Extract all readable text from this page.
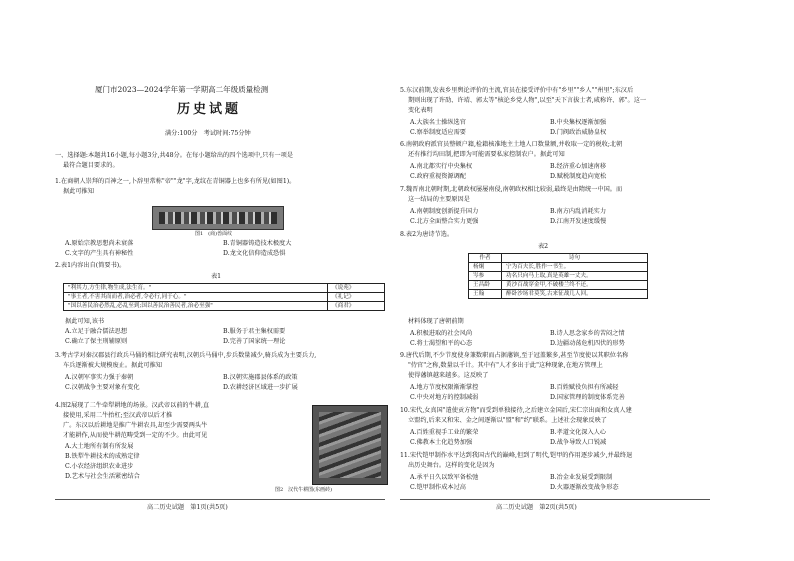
厦门市2023—2024学年第一学期高二年级质量检测
历史试题
满分:100分　考试时间:75分钟
一、选择题:本题共16小题,每小题3分,共48分。在每小题给出的四个选项中,只有一项是
最符合题目要求的。
1.在商朝人崇拜的百神之一,卜辞里常称"帝""龙"字,龙纹在青铜器上也多有所见(如图1)。
据此可推知
图1　(商)兽面纹
A.原始宗教思想尚未衰落	B.青铜器铸造技术极度大
C.文字的产生具有神秘性	D.龙文化信仰造成恐惧
2.表1内容出自(简要书)。
表1
"利其力,方生律,物生成,法生育。"	《说苑》
"事王者,不害其而而者,治必者,令必行,同于心。"	《礼记》
"国以善民治必然乱,必乱至到;国以善民治善民者,治必至强"	《商君》
据此可知,该书
A.立足于融合儒法思想	B.服务于君主集权需要
C.确立了保主刑辅原则	D.完善了国家统一理论
3.考古学对秦汉郡县行政兵马俑的相比研究表明,汉朝兵马俑中,步兵数量减少,骑兵成为主要兵力,
车兵逐渐被大规模废止。据此可推知
A.汉朝军事实力强于秦朝	B.汉朝实施郡县体系的政策
C.汉朝战争主要对象有变化	D.农耕经济区域进一步扩展
4.图2展现了二牛牵犁耕地的场景。汉武帝以前的牛耕,直
接使用,采用二牛抬杠;至汉武帝以后才推
广。东汉以后耕地是推广牛耕农具,却至少需要两头牛
才能耕作,从而使牛耕范畴受到一定的不少。由此可见
A.大土地所有制有所发展
B.铁犁牛耕技术的成熟定律
C.小农经济组织农业进步
D.艺术与社会生活紧密结合
图2　汉代牛耕图(东画砖)
高二历史试题　第1页(共5页)
5.东汉前期,发表乡里舆论评价的主流,官员在接受评价中有"乡里""乡人""州里";东汉后
期则出现了许劭、许靖、郭太等"核论乡党人物",以至"天下言拔士者,咸称许、郭"。这一
变化表明
A.大族名士操纵选官	B.中央集权逐渐加强
C.察举制度适应需要	D.门阀政治威胁皇权
6.南朝政府派官员整顿户籍,检籍核准地主土地人口数量额,并收取一定的税收;北朝
还有推行均田制,把即为可能需要私家控制农户。据此可知
A.南北都实行中央集权	B.经济重心加速南移
C.政府重视资源调配	D.赋税制度趋向宽松
7.魏晋南北朝时期,北朝政权屡屡南侵,南朝政权相比较弱,最终是由隋统一中国。而
这一结局的主要原因是
A.南朝制度创新提升国力	B.南方内乱消耗实力
C.北方全面整合实力更强	D.江南开发速度缓慢
8.表2为唐诗节选。
表2
作者	诗句
杨炯	宁为百夫长,胜作一书生。
岑参	功名只向马上取,真是英雄一丈夫。
王昌龄	黄沙百战穿金甲,不破楼兰终不还。
王翰	醉卧沙场君莫笑,古来征战几人回。
材料体现了唐朝前期
A.积极进取的社会风尚	B.诗人思念家乡的苦闷之情
C.将士渴望和平的心态	D.边疆动荡危机四伏的形势
9.唐代后期,不少节度使身兼数职而占据藩镇,至于冠盖繁多,甚至节度使以其职位名称
"侍官"之称,数量以千计。其中有"人才多出于此"这种现象,在地方管理上
使得藩镇越来越多。这反映了
A.地方节度权限渐渐掌控	B.百姓赋役负担有所减轻
C.中央对地方的控制减弱	D.国家管理的制度体系完善
10.宋代,女真国"遣使贡方物"而受到单独接待,之后建立金国后,宋仁宗出面和女真人建
立盟约,后来又和宋、金之间逐渐以"盟"和"约"联系。上述社会现象反映了
A.百姓重视手工业的繁荣	B.孝道文化深入人心
C.佛教本土化趋势加强	D.战争导致人口锐减
11.宋代铠甲制作水平达到我国古代的巅峰,但到了明代,铠甲的作用逐步减少,并最终退
出历史舞台。这样的变化是因为
A.承平日久以致军备松弛	B.冶金业发展受到限制
C.铠甲制作成本过高	D.火器逐渐改变战争形态
高二历史试题　第2页(共5页)
